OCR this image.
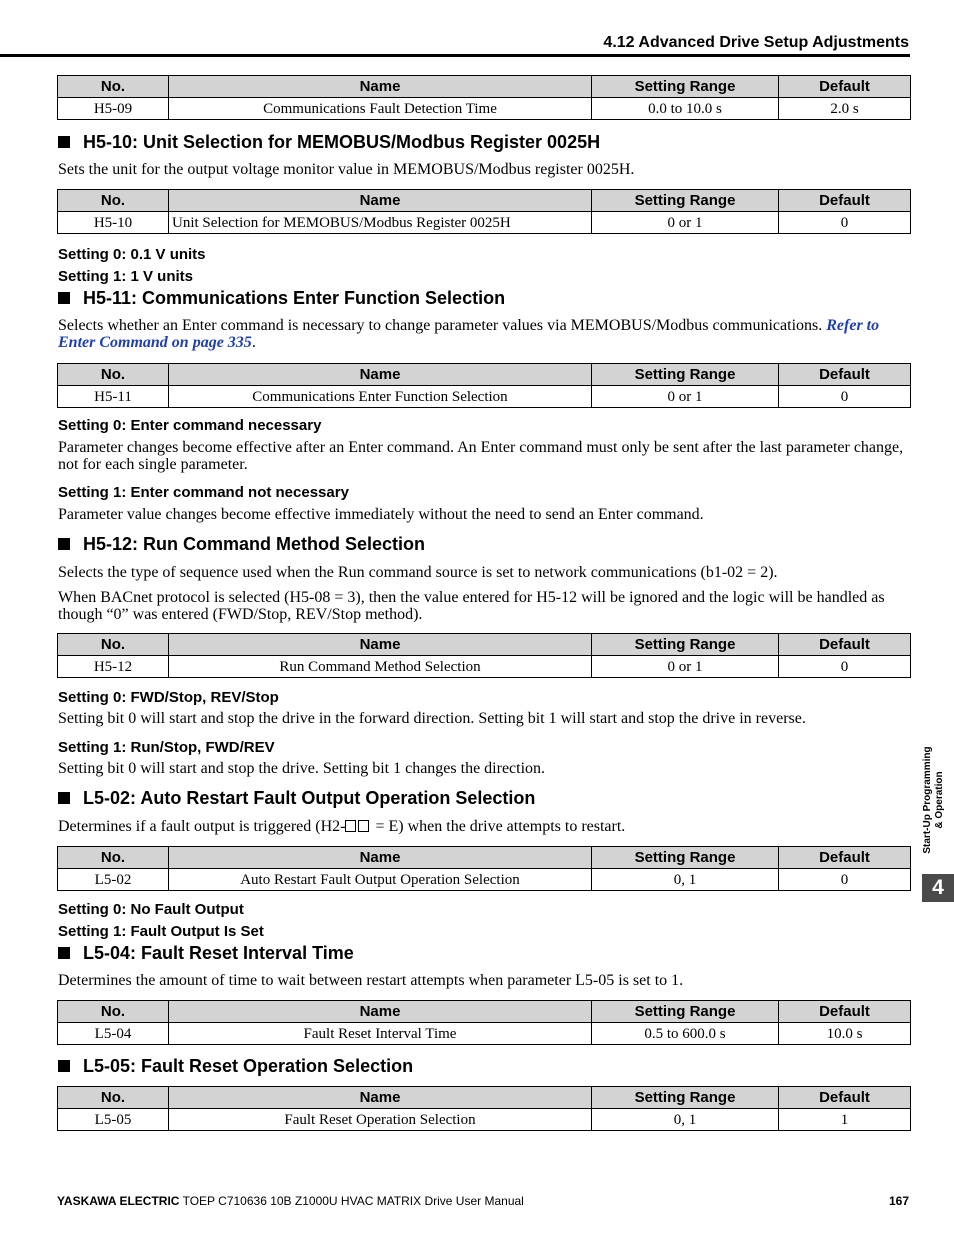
4.12 Advanced Drive Setup Adjustments
No.	Name	Setting Range	Default
H5-09	Communications Fault Detection Time	0.0 to 10.0 s	2.0 s
H5-10: Unit Selection for MEMOBUS/Modbus Register 0025H
Sets the unit for the output voltage monitor value in MEMOBUS/Modbus register 0025H.
No.	Name	Setting Range	Default
H5-10	Unit Selection for MEMOBUS/Modbus Register 0025H	0 or 1	0
Setting 0: 0.1 V units
Setting 1: 1 V units
H5-11: Communications Enter Function Selection
Selects whether an Enter command is necessary to change parameter values via MEMOBUS/Modbus communications. Refer to Enter Command on page 335.
No.	Name	Setting Range	Default
H5-11	Communications Enter Function Selection	0 or 1	0
Setting 0: Enter command necessary
Parameter changes become effective after an Enter command. An Enter command must only be sent after the last parameter change, not for each single parameter.
Setting 1: Enter command not necessary
Parameter value changes become effective immediately without the need to send an Enter command.
H5-12: Run Command Method Selection
Selects the type of sequence used when the Run command source is set to network communications (b1-02 = 2).
When BACnet protocol is selected (H5-08 = 3), then the value entered for H5-12 will be ignored and the logic will be handled as though “0” was entered (FWD/Stop, REV/Stop method).
No.	Name	Setting Range	Default
H5-12	Run Command Method Selection	0 or 1	0
Setting 0: FWD/Stop, REV/Stop
Setting bit 0 will start and stop the drive in the forward direction. Setting bit 1 will start and stop the drive in reverse.
Setting 1: Run/Stop, FWD/REV
Setting bit 0 will start and stop the drive. Setting bit 1 changes the direction.
L5-02: Auto Restart Fault Output Operation Selection
Determines if a fault output is triggered (H2- = E) when the drive attempts to restart.
No.	Name	Setting Range	Default
L5-02	Auto Restart Fault Output Operation Selection	0, 1	0
Setting 0: No Fault Output
Setting 1: Fault Output Is Set
L5-04: Fault Reset Interval Time
Determines the amount of time to wait between restart attempts when parameter L5-05 is set to 1.
No.	Name	Setting Range	Default
L5-04	Fault Reset Interval Time	0.5 to 600.0 s	10.0 s
L5-05: Fault Reset Operation Selection
No.	Name	Setting Range	Default
L5-05	Fault Reset Operation Selection	0, 1	1
Start-Up Programming & Operation
4
YASKAWA ELECTRIC TOEP C710636 10B Z1000U HVAC MATRIX Drive User Manual	167
